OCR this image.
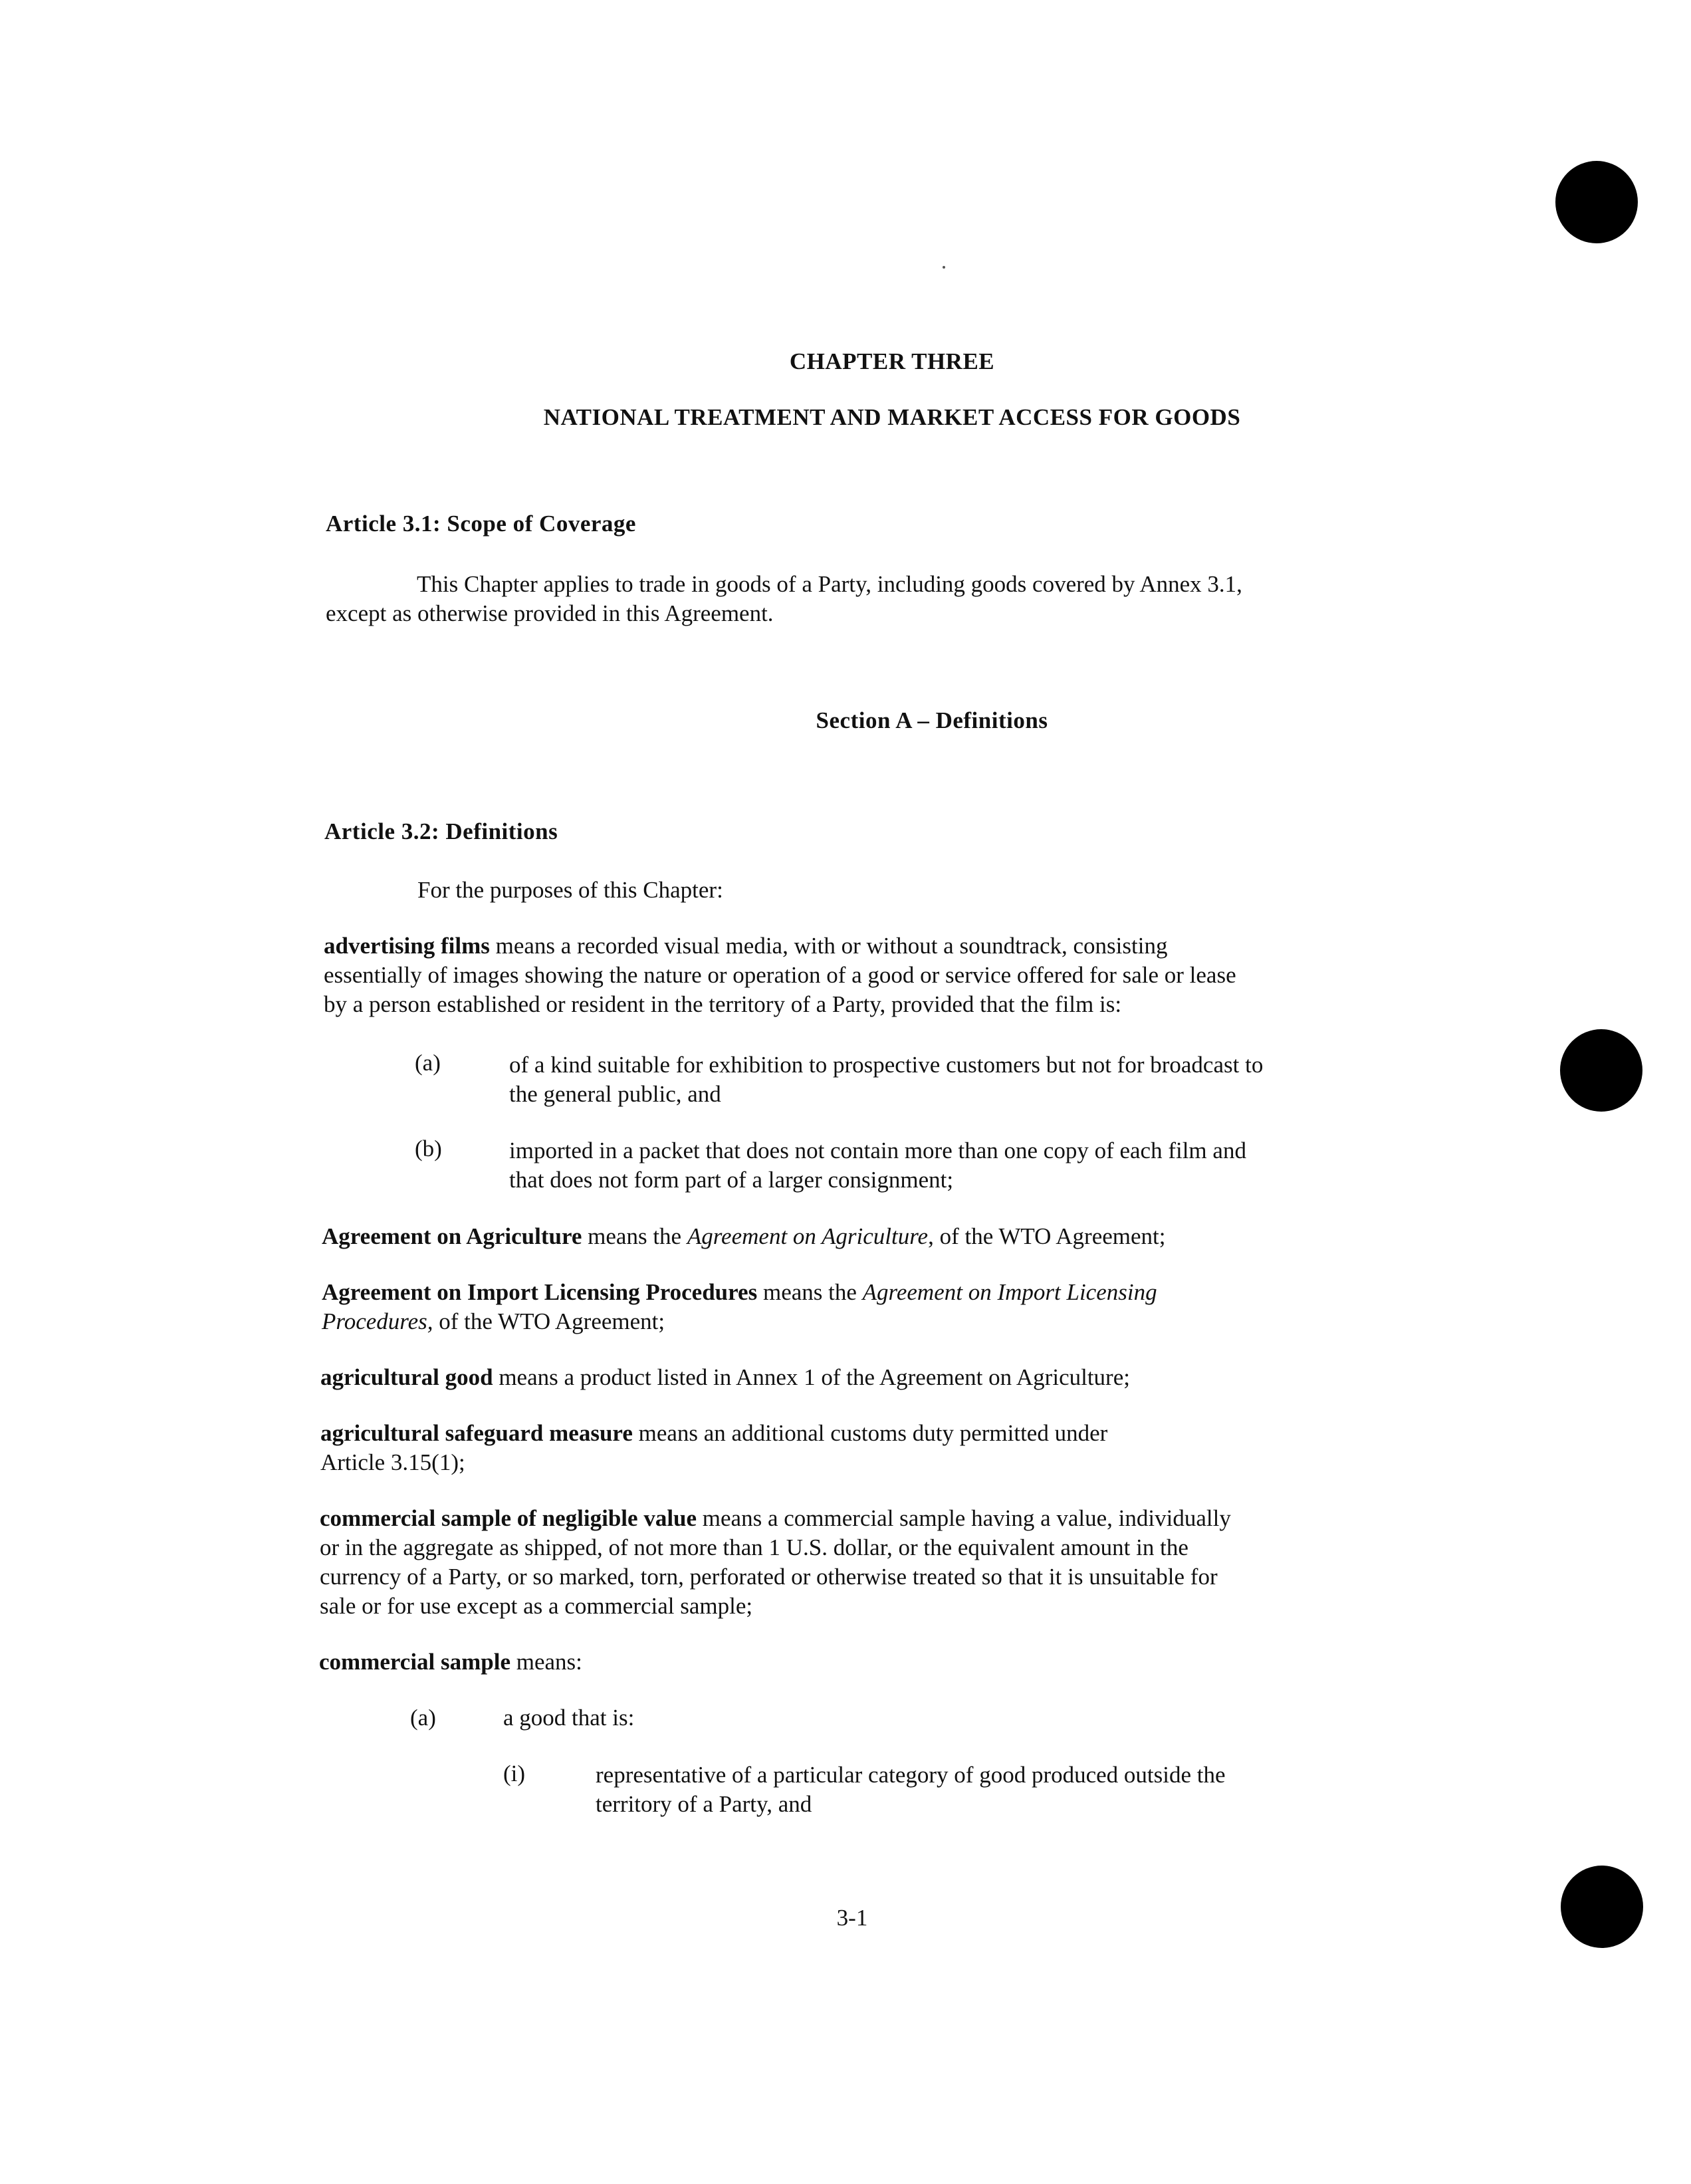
CHAPTER THREE
NATIONAL TREATMENT AND MARKET ACCESS FOR GOODS
Article 3.1: Scope of Coverage
This Chapter applies to trade in goods of a Party, including goods covered by Annex 3.1,
except as otherwise provided in this Agreement.
Section A – Definitions
Article 3.2: Definitions
For the purposes of this Chapter:
advertising films means a recorded visual media, with or without a soundtrack, consisting
essentially of images showing the nature or operation of a good or service offered for sale or lease
by a person established or resident in the territory of a Party, provided that the film is:
(a)	of a kind suitable for exhibition to prospective customers but not for broadcast to
the general public, and
(b)	imported in a packet that does not contain more than one copy of each film and
that does not form part of a larger consignment;
Agreement on Agriculture means the Agreement on Agriculture, of the WTO Agreement;
Agreement on Import Licensing Procedures means the Agreement on Import Licensing
Procedures, of the WTO Agreement;
agricultural good means a product listed in Annex 1 of the Agreement on Agriculture;
agricultural safeguard measure means an additional customs duty permitted under
Article 3.15(1);
commercial sample of negligible value means a commercial sample having a value, individually
or in the aggregate as shipped, of not more than 1 U.S. dollar, or the equivalent amount in the
currency of a Party, or so marked, torn, perforated or otherwise treated so that it is unsuitable for
sale or for use except as a commercial sample;
commercial sample means:
(a)	a good that is:
(i)	representative of a particular category of good produced outside the
territory of a Party, and
3-1
